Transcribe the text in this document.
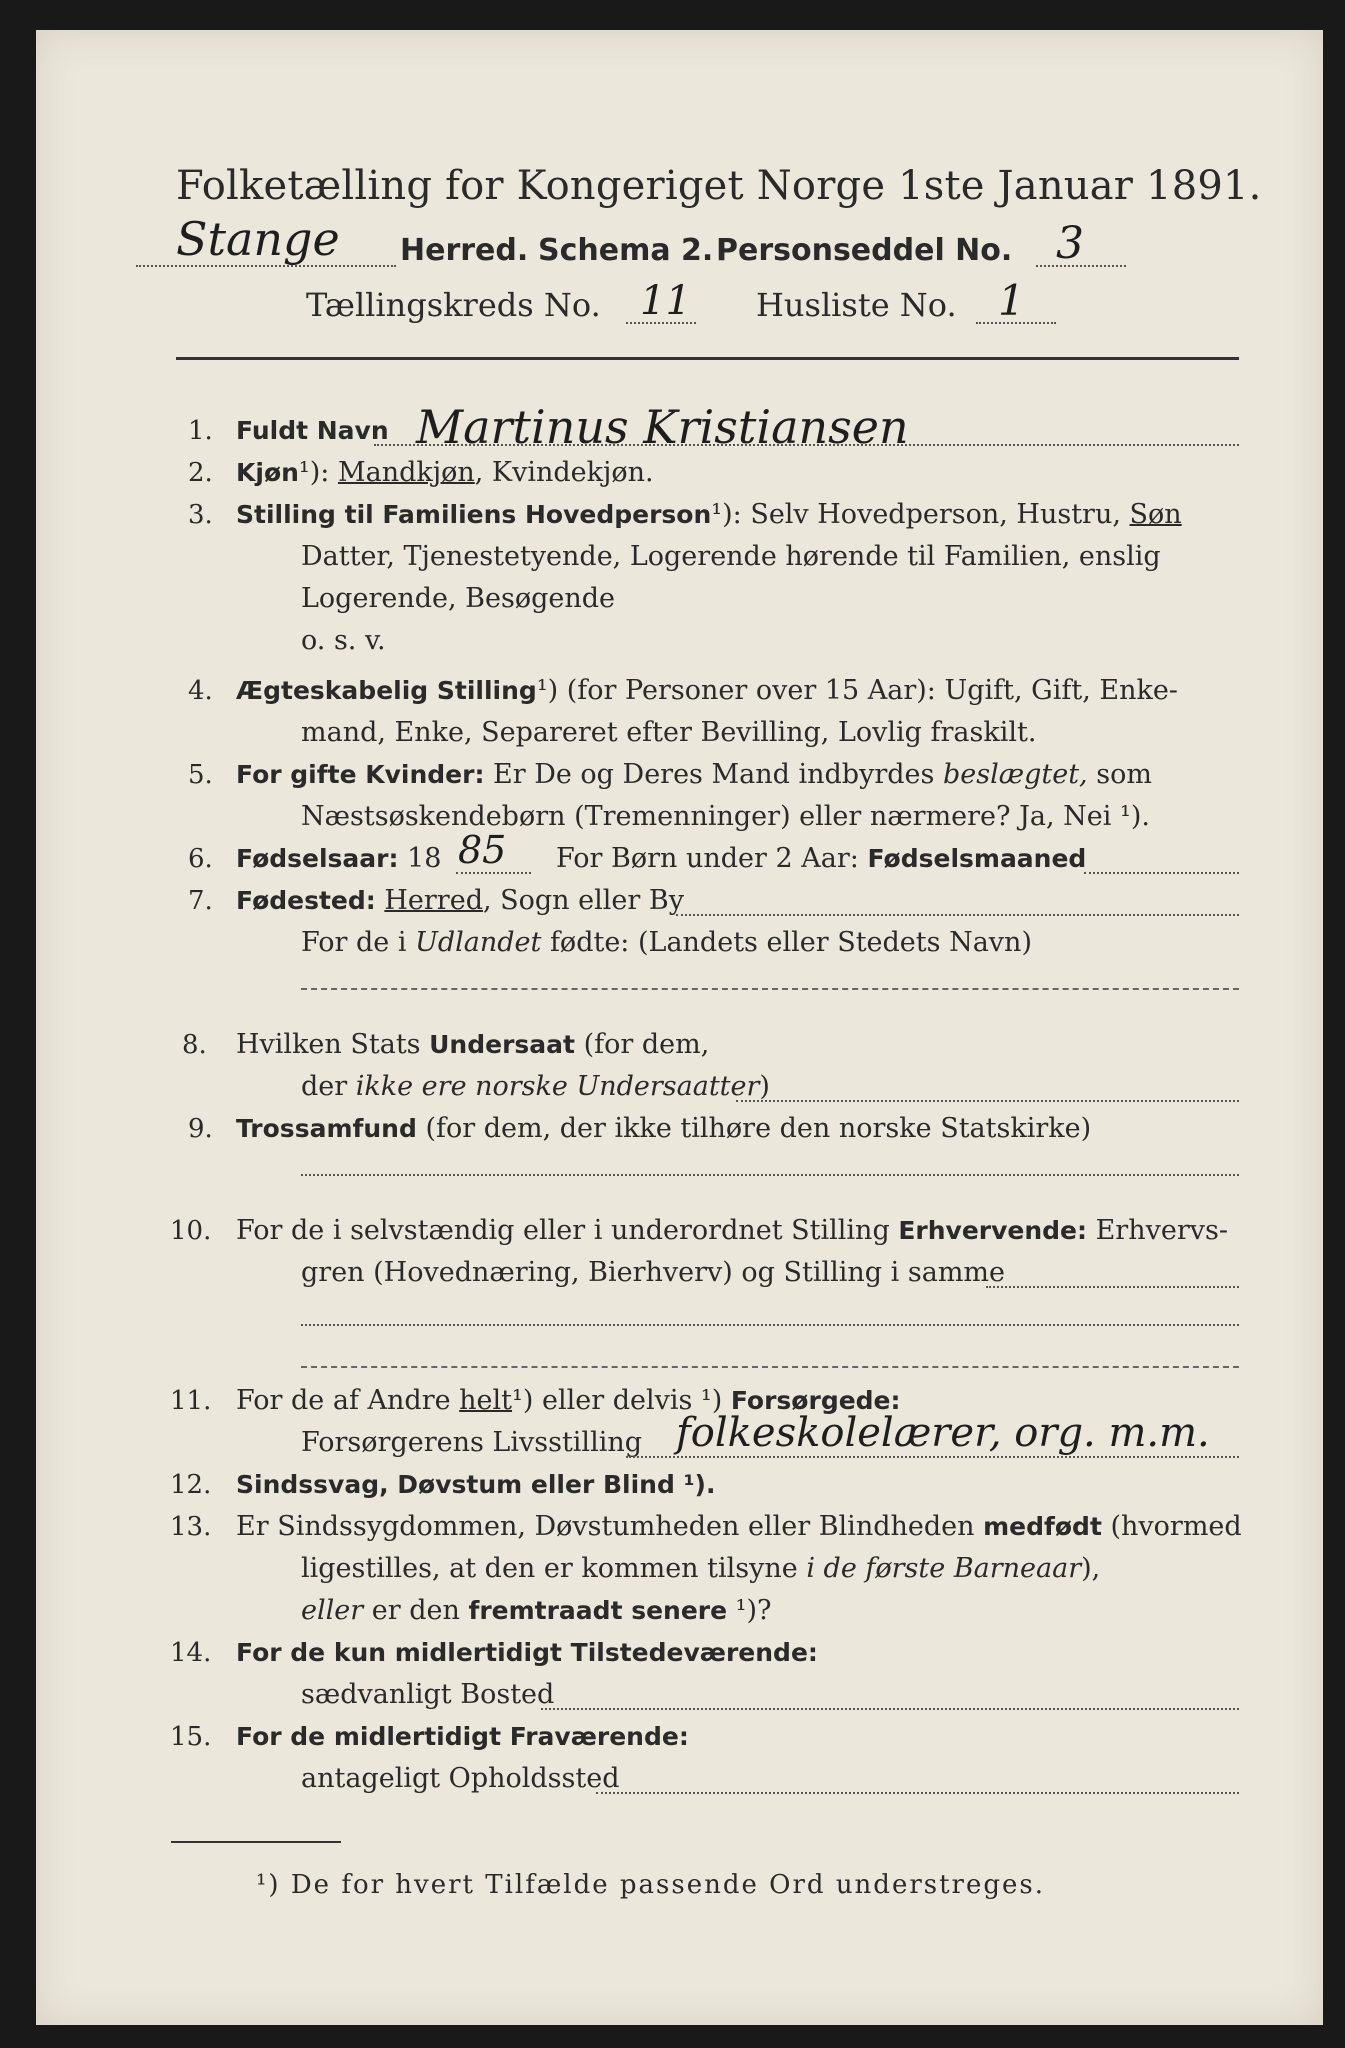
Folketælling for Kongeriget Norge 1ste Januar 1891.
Stange Herred. Schema 2. Personseddel No. 3
Tællingskreds No. 11 Husliste No. 1
1. Fuldt Navn Martinus Kristiansen
2. Kjøn¹): Mandkjøn, Kvindekjøn.
3. Stilling til Familiens Hovedperson¹): Selv Hovedperson, Hustru, Søn
Datter, Tjenestetyende, Logerende hørende til Familien, enslig
Logerende, Besøgende
o. s. v.
4. Ægteskabelig Stilling¹) (for Personer over 15 Aar): Ugift, Gift, Enke-
mand, Enke, Separeret efter Bevilling, Lovlig fraskilt.
5. For gifte Kvinder: Er De og Deres Mand indbyrdes beslægtet, som
Næstsøskendebørn (Tremenninger) eller nærmere? Ja, Nei ¹).
6. Fødselsaar: 18 85 For Børn under 2 Aar: Fødselsmaaned
7. Fødested: Herred, Sogn eller By
For de i Udlandet fødte: (Landets eller Stedets Navn)
8. Hvilken Stats Undersaat (for dem,
der ikke ere norske Undersaatter)
9. Trossamfund (for dem, der ikke tilhøre den norske Statskirke)
10. For de i selvstændig eller i underordnet Stilling Erhvervende: Erhvervs-
gren (Hovednæring, Bierhverv) og Stilling i samme
11. For de af Andre helt¹) eller delvis ¹) Forsørgede:
Forsørgerens Livsstilling folkeskolelærer, org. m.m.
12. Sindssvag, Døvstum eller Blind ¹).
13. Er Sindssygdommen, Døvstumheden eller Blindheden medfødt (hvormed
ligestilles, at den er kommen tilsyne i de første Barneaar),
eller er den fremtraadt senere ¹)?
14. For de kun midlertidigt Tilstedeværende:
sædvanligt Bosted
15. For de midlertidigt Fraværende:
antageligt Opholdssted
¹) De for hvert Tilfælde passende Ord understreges.
